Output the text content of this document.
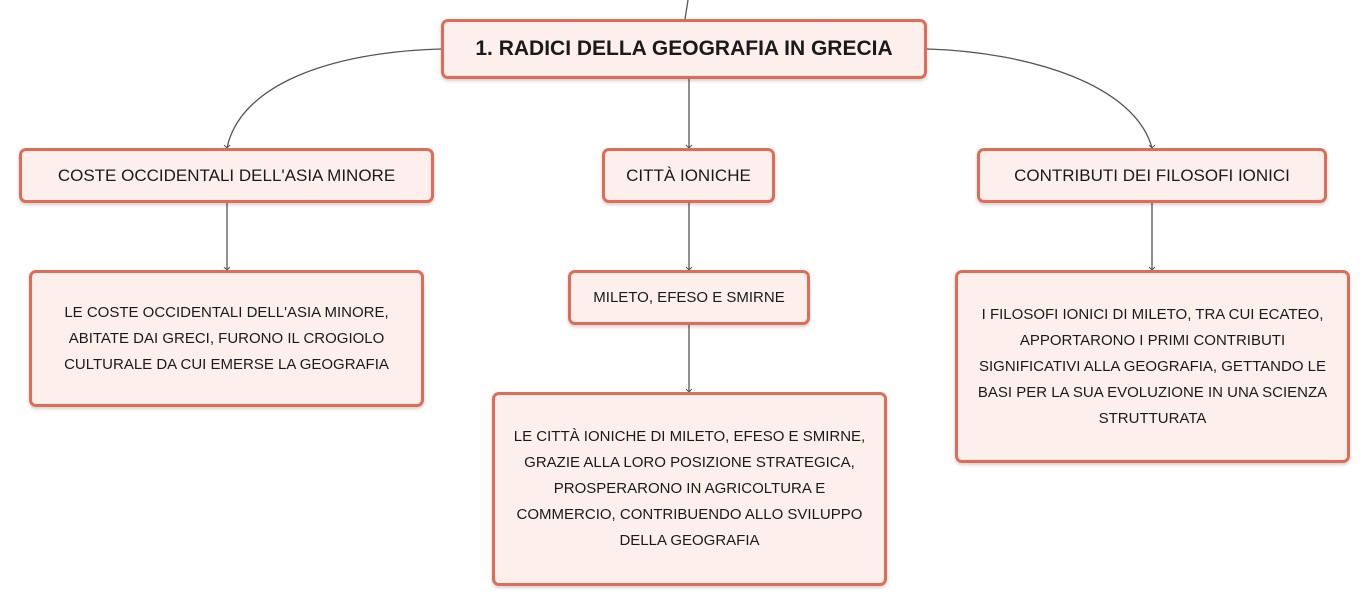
1. RADICI DELLA GEOGRAFIA IN GRECIA
COSTE OCCIDENTALI DELL'ASIA MINORE	CITTÀ IONICHE	CONTRIBUTI DEI FILOSOFI IONICI
MILETO, EFESO E SMIRNE
LE COSTE OCCIDENTALI DELL'ASIA MINORE, ABITATE DAI GRECI, FURONO IL CROGIOLO CULTURALE DA CUI EMERSE LA GEOGRAFIA
LE CITTÀ IONICHE DI MILETO, EFESO E SMIRNE, GRAZIE ALLA LORO POSIZIONE STRATEGICA, PROSPERARONO IN AGRICOLTURA E COMMERCIO, CONTRIBUENDO ALLO SVILUPPO DELLA GEOGRAFIA
I FILOSOFI IONICI DI MILETO, TRA CUI ECATEO, APPORTARONO I PRIMI CONTRIBUTI SIGNIFICATIVI ALLA GEOGRAFIA, GETTANDO LE BASI PER LA SUA EVOLUZIONE IN UNA SCIENZA STRUTTURATA
